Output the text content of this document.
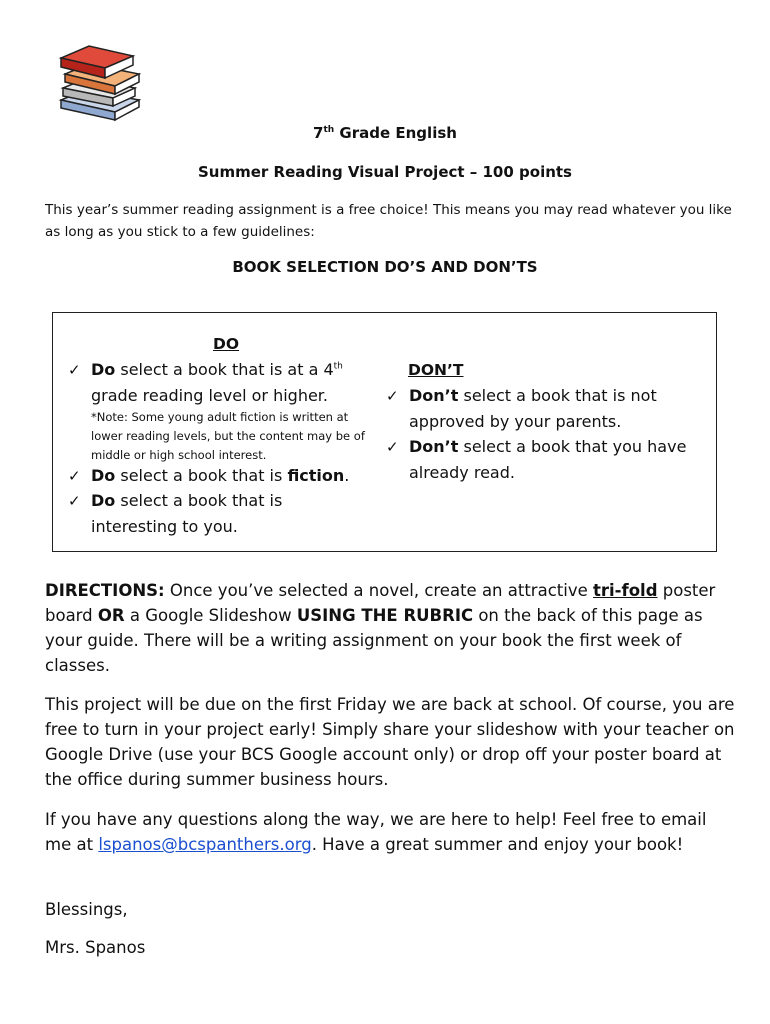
7th Grade English
Summer Reading Visual Project – 100 points
This year’s summer reading assignment is a free choice! This means you may read whatever you like as long as you stick to a few guidelines:
BOOK SELECTION DO’S AND DON’TS
DO
✓ Do select a book that is at a 4th
grade reading level or higher.
*Note: Some young adult fiction is written at lower reading levels, but the content may be of middle or high school interest.
✓ Do select a book that is fiction.
✓ Do select a book that is
interesting to you.
DON’T
✓ Don’t select a book that is not
approved by your parents.
✓ Don’t select a book that you have
already read.
DIRECTIONS: Once you’ve selected a novel, create an attractive tri-fold poster board OR a Google Slideshow USING THE RUBRIC on the back of this page as your guide. There will be a writing assignment on your book the first week of classes.
This project will be due on the first Friday we are back at school. Of course, you are free to turn in your project early! Simply share your slideshow with your teacher on Google Drive (use your BCS Google account only) or drop off your poster board at the office during summer business hours.
If you have any questions along the way, we are here to help! Feel free to email me at lspanos@bcspanthers.org. Have a great summer and enjoy your book!
Blessings,
Mrs. Spanos
